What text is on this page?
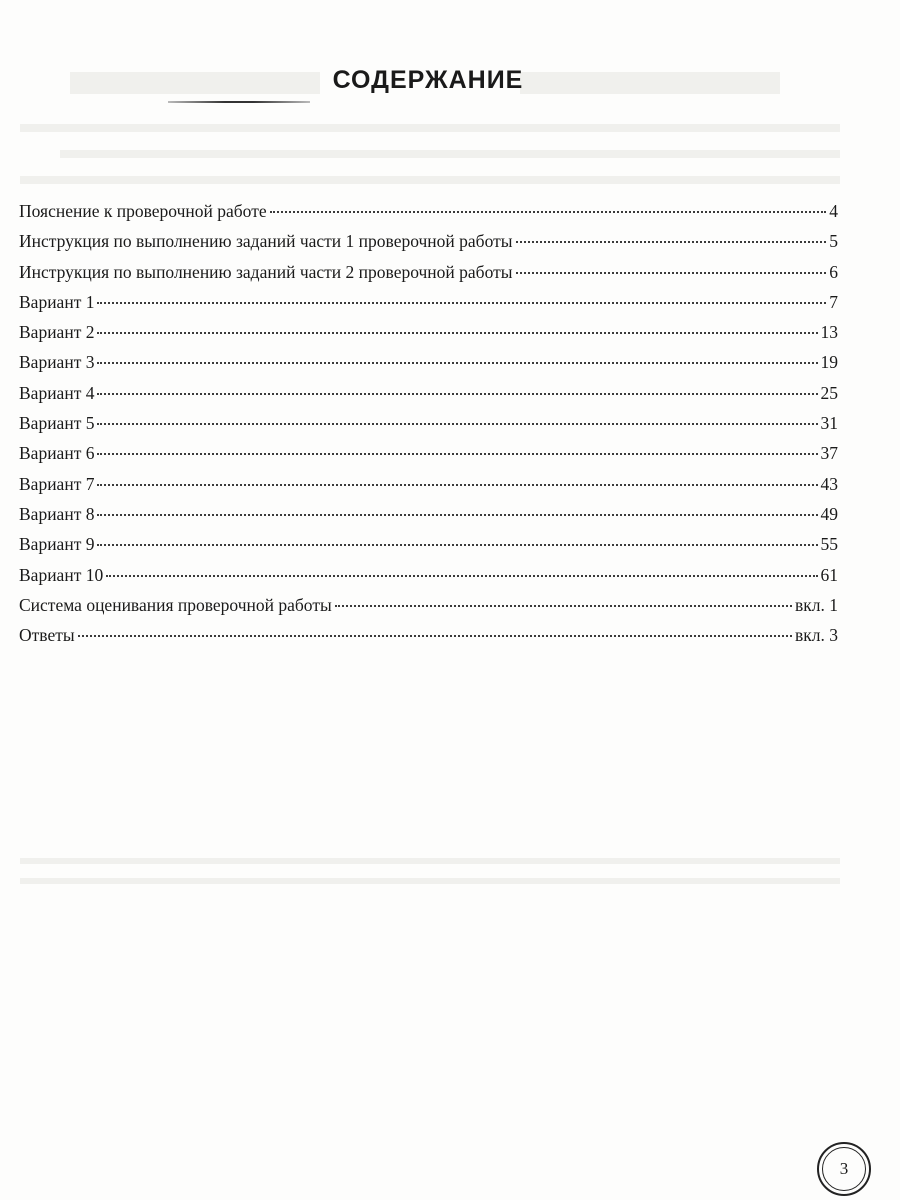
СОДЕРЖАНИЕ
Пояснение к проверочной работе	4
Инструкция по выполнению заданий части 1 проверочной работы	5
Инструкция по выполнению заданий части 2 проверочной работы	6
Вариант 1	7
Вариант 2	13
Вариант 3	19
Вариант 4	25
Вариант 5	31
Вариант 6	37
Вариант 7	43
Вариант 8	49
Вариант 9	55
Вариант 10	61
Система оценивания проверочной работы	вкл. 1
Ответы	вкл. 3
3
